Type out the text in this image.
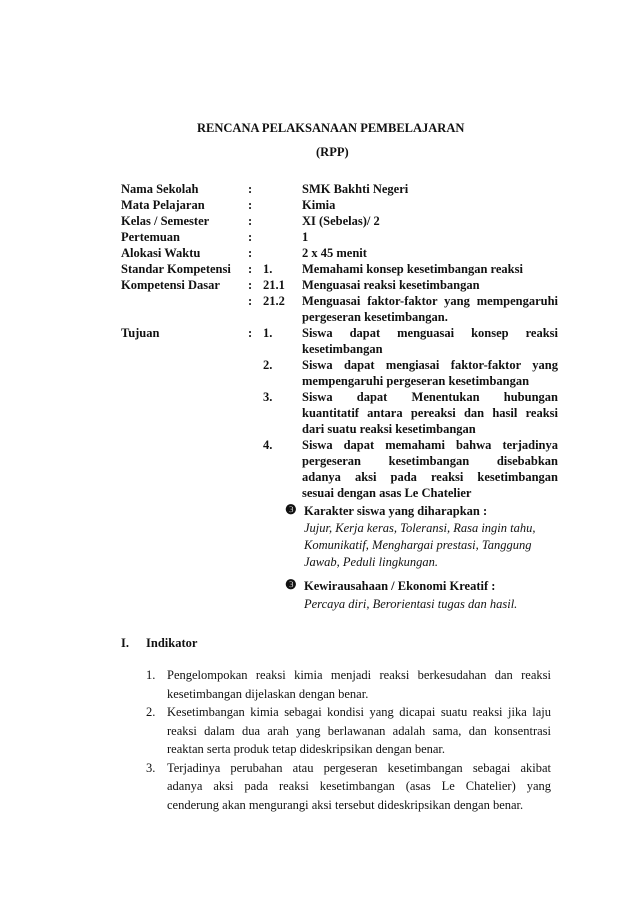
RENCANA PELAKSANAAN PEMBELAJARAN
(RPP)
Nama Sekolah	:	SMK Bakhti Negeri
Mata Pelajaran	:	Kimia
Kelas / Semester	:	XI (Sebelas)/ 2
Pertemuan	:	1
Alokasi Waktu	:	2 x 45 menit
Standar Kompetensi : 1. Memahami konsep kesetimbangan reaksi
Kompetensi Dasar : 21.1 Menguasai reaksi kesetimbangan
: 21.2 Menguasai faktor-faktor yang mempengaruhi
pergeseran kesetimbangan.
Tujuan	: 1. Siswa dapat menguasai konsep reaksi
kesetimbangan
2. Siswa dapat mengiasai faktor-faktor yang
mempengaruhi pergeseran kesetimbangan
3. Siswa dapat Menentukan hubungan
kuantitatif antara pereaksi dan hasil reaksi
dari suatu reaksi kesetimbangan
4. Siswa dapat memahami bahwa terjadinya
pergeseran kesetimbangan disebabkan
adanya aksi pada reaksi kesetimbangan
sesuai dengan asas Le Chatelier
❸ Karakter siswa yang diharapkan :
Jujur, Kerja keras, Toleransi, Rasa ingin tahu,
Komunikatif, Menghargai prestasi, Tanggung
Jawab, Peduli lingkungan.
❸ Kewirausahaan / Ekonomi Kreatif :
Percaya diri, Berorientasi tugas dan hasil.
I. Indikator
1. Pengelompokan reaksi kimia menjadi reaksi berkesudahan dan reaksi
kesetimbangan dijelaskan dengan benar.
2. Kesetimbangan kimia sebagai kondisi yang dicapai suatu reaksi jika laju
reaksi dalam dua arah yang berlawanan adalah sama, dan konsentrasi
reaktan serta produk tetap dideskripsikan dengan benar.
3. Terjadinya perubahan atau pergeseran kesetimbangan sebagai akibat
adanya aksi pada reaksi kesetimbangan (asas Le Chatelier) yang
cenderung akan mengurangi aksi tersebut dideskripsikan dengan benar.
